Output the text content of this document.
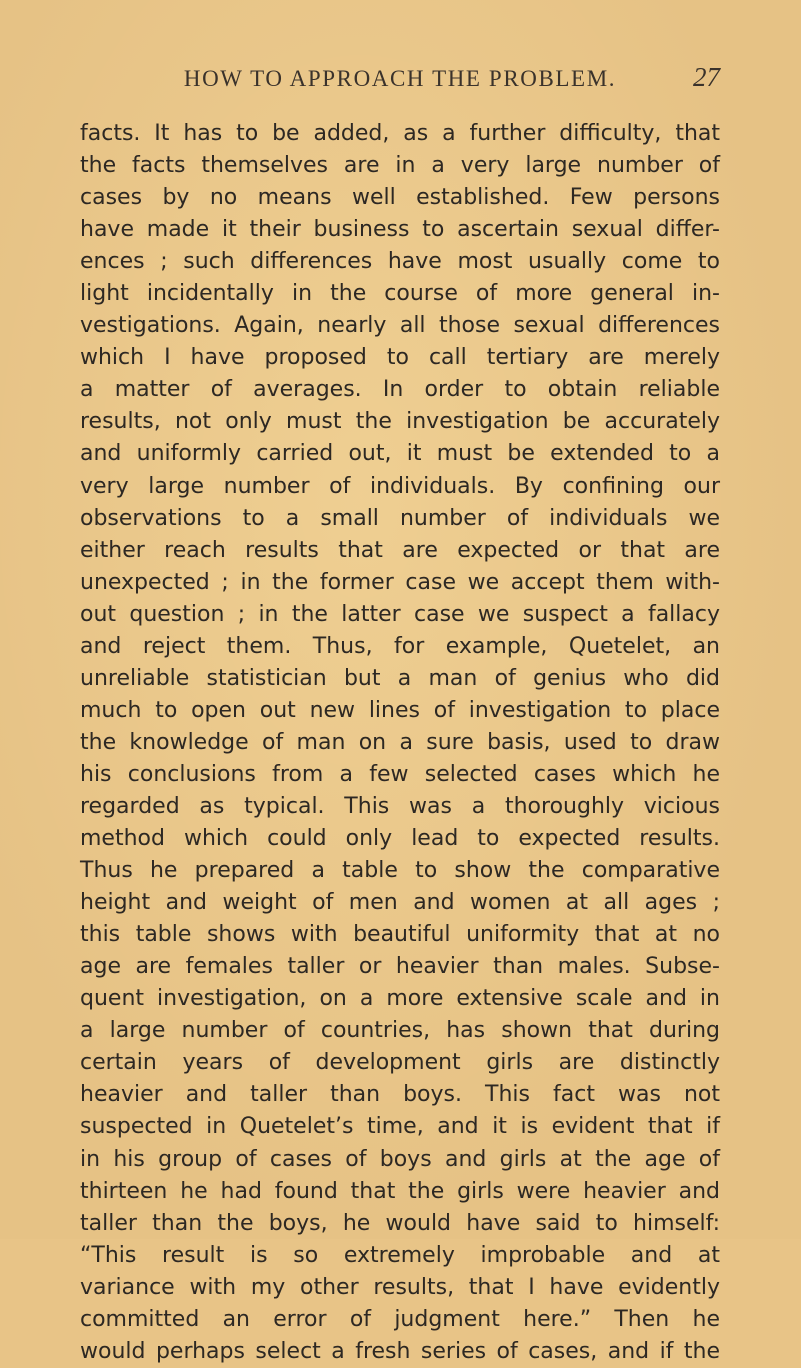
HOW TO APPROACH THE PROBLEM.	27
facts. It has to be added, as a further difficulty, that
the facts themselves are in a very large number of
cases by no means well established. Few persons
have made it their business to ascertain sexual differ-
ences ; such differences have most usually come to
light incidentally in the course of more general in-
vestigations. Again, nearly all those sexual differences
which I have proposed to call tertiary are merely
a matter of averages. In order to obtain reliable
results, not only must the investigation be accurately
and uniformly carried out, it must be extended to a
very large number of individuals. By confining our
observations to a small number of individuals we
either reach results that are expected or that are
unexpected ; in the former case we accept them with-
out question ; in the latter case we suspect a fallacy
and reject them. Thus, for example, Quetelet, an
unreliable statistician but a man of genius who did
much to open out new lines of investigation to place
the knowledge of man on a sure basis, used to draw
his conclusions from a few selected cases which he
regarded as typical. This was a thoroughly vicious
method which could only lead to expected results.
Thus he prepared a table to show the comparative
height and weight of men and women at all ages ;
this table shows with beautiful uniformity that at no
age are females taller or heavier than males. Subse-
quent investigation, on a more extensive scale and in
a large number of countries, has shown that during
certain years of development girls are distinctly
heavier and taller than boys. This fact was not
suspected in Quetelet’s time, and it is evident that if
in his group of cases of boys and girls at the age of
thirteen he had found that the girls were heavier and
taller than the boys, he would have said to himself:
“This result is so extremely improbable and at
variance with my other results, that I have evidently
committed an error of judgment here.” Then he
would perhaps select a fresh series of cases, and if the
